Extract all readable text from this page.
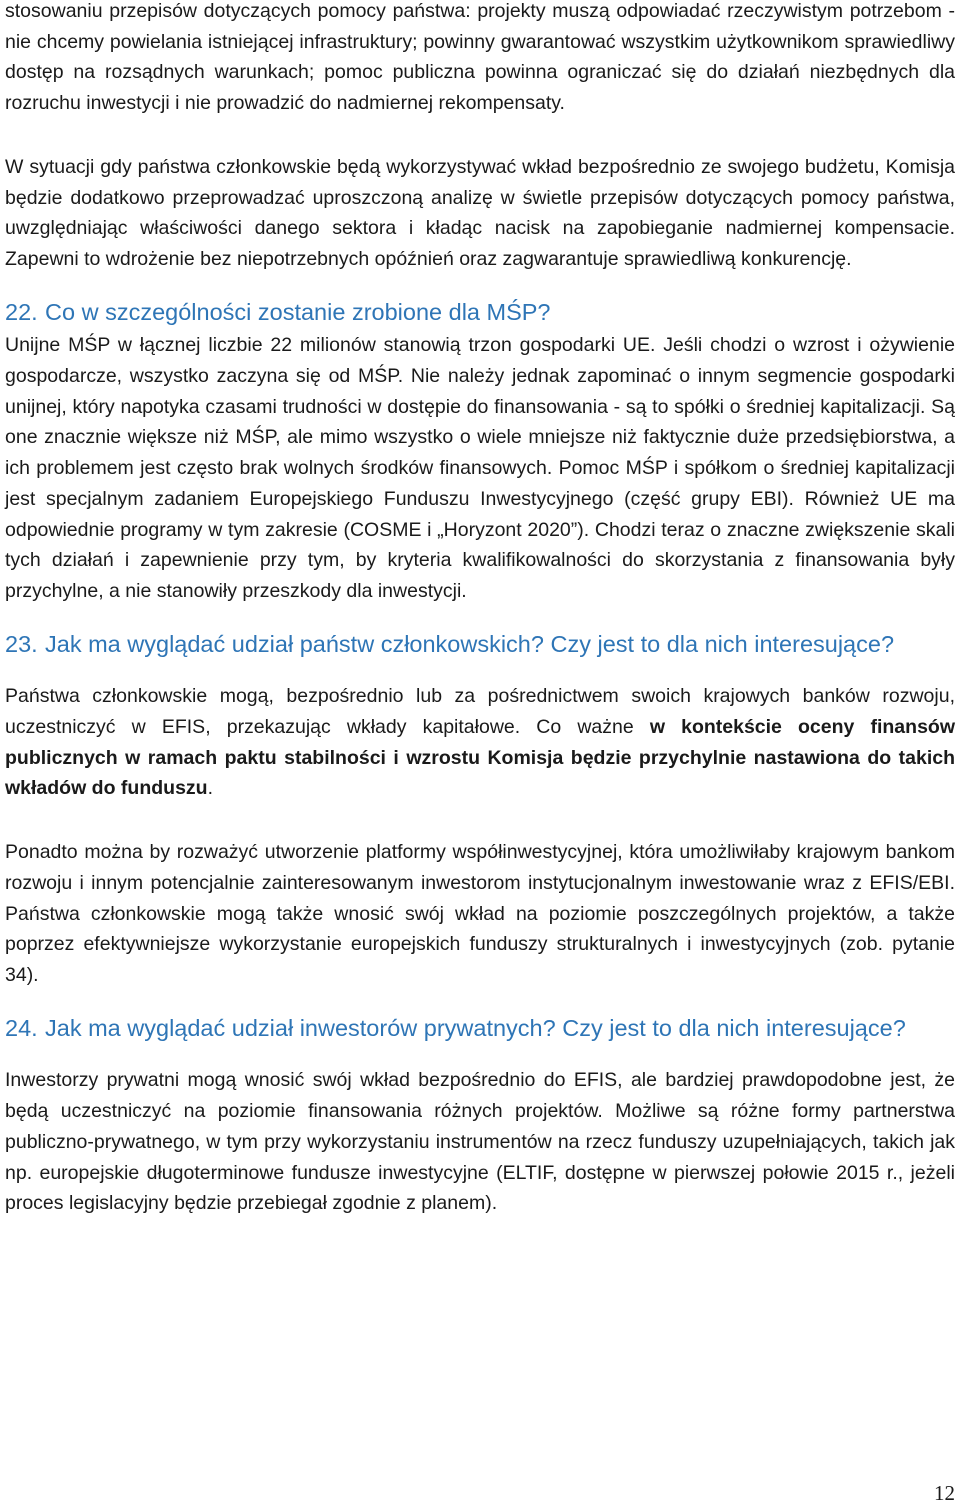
stosowaniu przepisów dotyczących pomocy państwa: projekty muszą odpowiadać rzeczywistym potrzebom - nie chcemy powielania istniejącej infrastruktury; powinny gwarantować wszystkim użytkownikom sprawiedliwy dostęp na rozsądnych warunkach; pomoc publiczna powinna ograniczać się do działań niezbędnych dla rozruchu inwestycji i nie prowadzić do nadmiernej rekompensaty.

W sytuacji gdy państwa członkowskie będą wykorzystywać wkład bezpośrednio ze swojego budżetu, Komisja będzie dodatkowo przeprowadzać uproszczoną analizę w świetle przepisów dotyczących pomocy państwa, uwzględniając właściwości danego sektora i kładąc nacisk na zapobieganie nadmiernej kompensacie. Zapewni to wdrożenie bez niepotrzebnych opóźnień oraz zagwarantuje sprawiedliwą konkurencję.

22. Co w szczególności zostanie zrobione dla MŚP?

Unijne MŚP w łącznej liczbie 22 milionów stanowią trzon gospodarki UE. Jeśli chodzi o wzrost i ożywienie gospodarcze, wszystko zaczyna się od MŚP. Nie należy jednak zapominać o innym segmencie gospodarki unijnej, który napotyka czasami trudności w dostępie do finansowania - są to spółki o średniej kapitalizacji. Są one znacznie większe niż MŚP, ale mimo wszystko o wiele mniejsze niż faktycznie duże przedsiębiorstwa, a ich problemem jest często brak wolnych środków finansowych. Pomoc MŚP i spółkom o średniej kapitalizacji jest specjalnym zadaniem Europejskiego Funduszu Inwestycyjnego (część grupy EBI). Również UE ma odpowiednie programy w tym zakresie (COSME i „Horyzont 2020”). Chodzi teraz o znaczne zwiększenie skali tych działań i zapewnienie przy tym, by kryteria kwalifikowalności do skorzystania z finansowania były przychylne, a nie stanowiły przeszkody dla inwestycji.

23. Jak ma wyglądać udział państw członkowskich? Czy jest to dla nich interesujące?

Państwa członkowskie mogą, bezpośrednio lub za pośrednictwem swoich krajowych banków rozwoju, uczestniczyć w EFIS, przekazując wkłady kapitałowe. Co ważne w kontekście oceny finansów publicznych w ramach paktu stabilności i wzrostu Komisja będzie przychylnie nastawiona do takich wkładów do funduszu.

Ponadto można by rozważyć utworzenie platformy współinwestycyjnej, która umożliwiłaby krajowym bankom rozwoju i innym potencjalnie zainteresowanym inwestorom instytucjonalnym inwestowanie wraz z EFIS/EBI. Państwa członkowskie mogą także wnosić swój wkład na poziomie poszczególnych projektów, a także poprzez efektywniejsze wykorzystanie europejskich funduszy strukturalnych i inwestycyjnych (zob. pytanie 34).

24. Jak ma wyglądać udział inwestorów prywatnych? Czy jest to dla nich interesujące?

Inwestorzy prywatni mogą wnosić swój wkład bezpośrednio do EFIS, ale bardziej prawdopodobne jest, że będą uczestniczyć na poziomie finansowania różnych projektów. Możliwe są różne formy partnerstwa publiczno-prywatnego, w tym przy wykorzystaniu instrumentów na rzecz funduszy uzupełniających, takich jak np. europejskie długoterminowe fundusze inwestycyjne (ELTIF, dostępne w pierwszej połowie 2015 r., jeżeli proces legislacyjny będzie przebiegał zgodnie z planem).

12
